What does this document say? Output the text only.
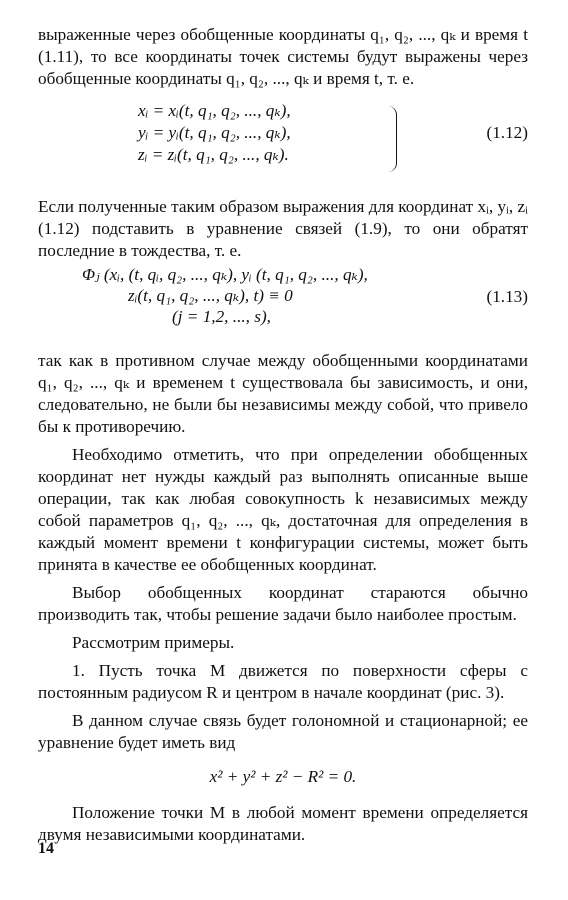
выраженные через обобщенные координаты q₁, q₂, ..., qₖ и время t (1.11), то все координаты точек системы будут выражены через обобщенные координаты q₁, q₂, ..., qₖ и время t, т. е.

xᵢ = xᵢ(t, q₁, q₂, ..., qₖ),
yᵢ = yᵢ(t, q₁, q₂, ..., qₖ),
zᵢ = zᵢ(t, q₁, q₂, ..., qₖ).
(1.12)

Если полученные таким образом выражения для координат xᵢ, yᵢ, zᵢ (1.12) подставить в уравнение связей (1.9), то они обратят последние в тождества, т. е.

Φⱼ (xᵢ, (t, qᵢ, q₂, ..., qₖ), yᵢ (t, q₁, q₂, ..., qₖ),
zᵢ(t, q₁, q₂, ..., qₖ), t) ≡ 0
(j = 1,2, ..., s),
(1.13)

так как в противном случае между обобщенными координатами q₁, q₂, ..., qₖ и временем t существовала бы зависимость, и они, следовательно, не были бы независимы между собой, что привело бы к противоречию.

Необходимо отметить, что при определении обобщенных координат нет нужды каждый раз выполнять описанные выше операции, так как любая совокупность k независимых между собой параметров q₁, q₂, ..., qₖ, достаточная для определения в каждый момент времени t конфигурации системы, может быть принята в качестве ее обобщенных координат.

Выбор обобщенных координат стараются обычно производить так, чтобы решение задачи было наиболее простым.

Рассмотрим примеры.

1. Пусть точка M движется по поверхности сферы с постоянным радиусом R и центром в начале координат (рис. 3).

В данном случае связь будет голономной и стационарной; ее уравнение будет иметь вид

x² + y² + z² − R² = 0.

Положение точки M в любой момент времени определяется двумя независимыми координатами.

14
